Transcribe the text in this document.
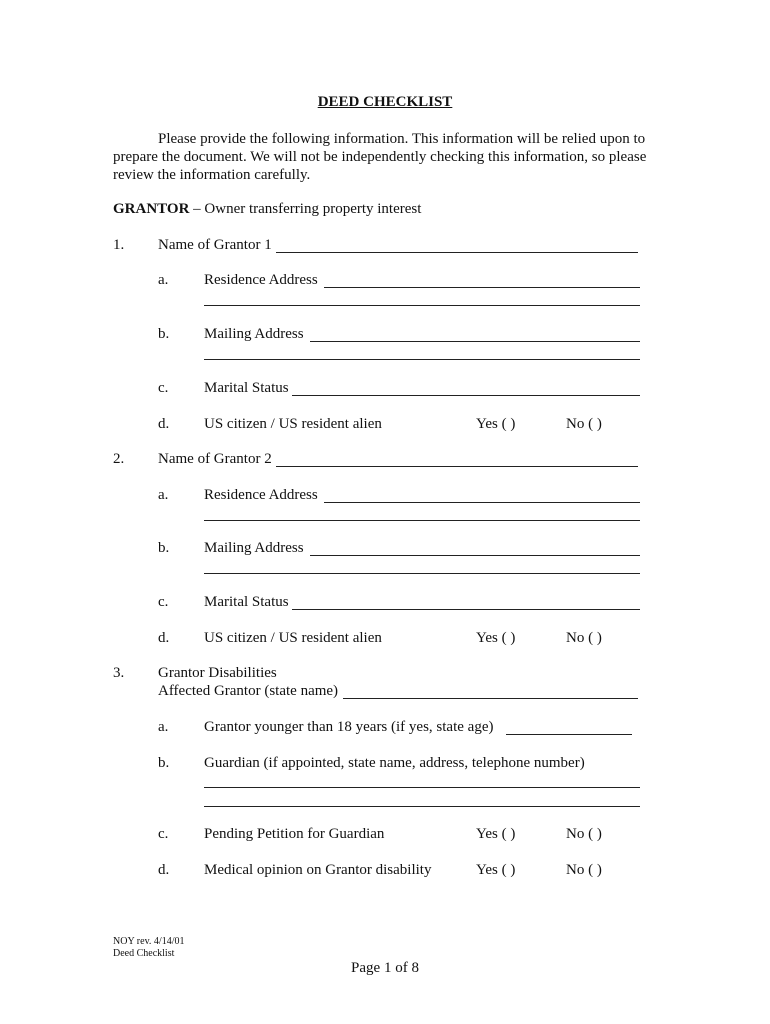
DEED CHECKLIST
Please provide the following information. This information will be relied upon to prepare the document. We will not be independently checking this information, so please review the information carefully.
GRANTOR – Owner transferring property interest
1. Name of Grantor 1
a. Residence Address
b. Mailing Address
c. Marital Status
d. US citizen / US resident alien	Yes ( )	No ( )
2. Name of Grantor 2
a. Residence Address
b. Mailing Address
c. Marital Status
d. US citizen / US resident alien	Yes ( )	No ( )
3. Grantor Disabilities
Affected Grantor (state name)
a. Grantor younger than 18 years (if yes, state age)
b. Guardian (if appointed, state name, address, telephone number)
c. Pending Petition for Guardian	Yes ( )	No ( )
d. Medical opinion on Grantor disability	Yes ( )	No ( )
NOY rev. 4/14/01
Deed Checklist
Page 1 of 8
